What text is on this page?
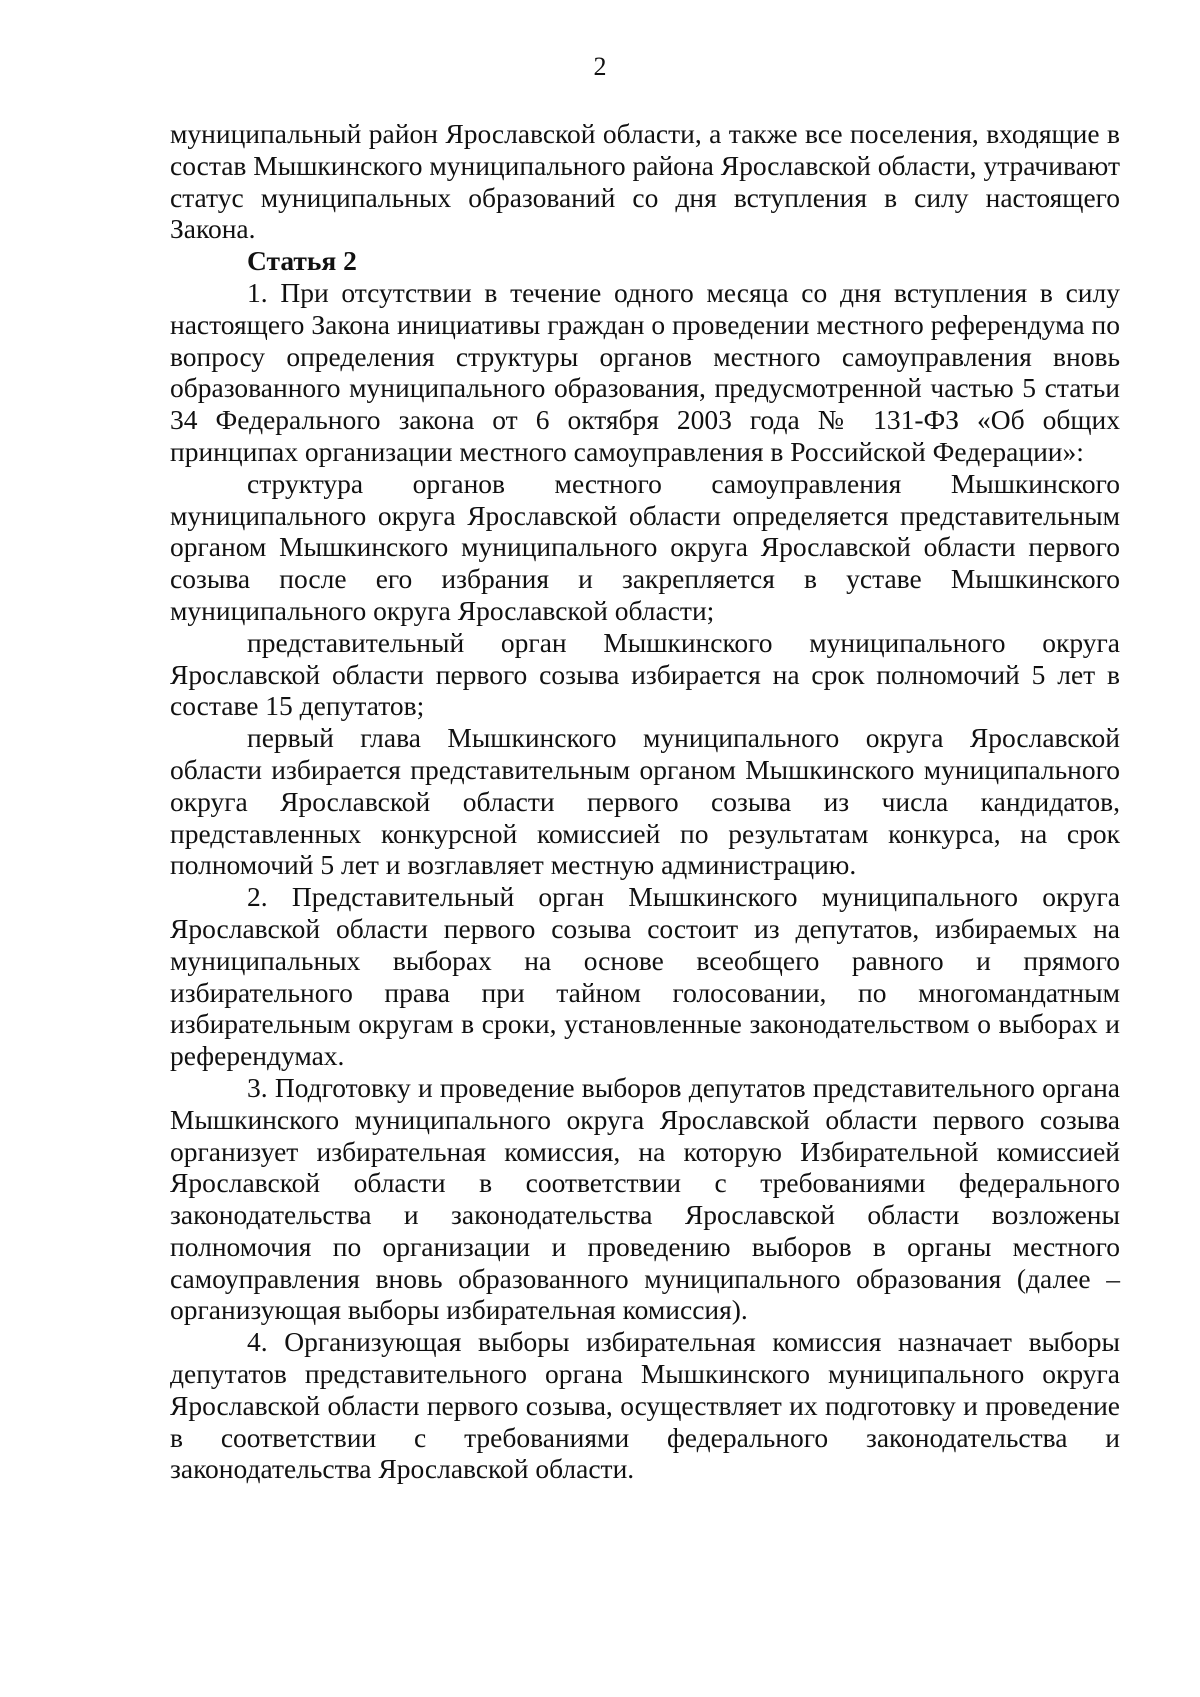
2

муниципальный район Ярославской области, а также все поселения, входящие в состав Мышкинского муниципального района Ярославской области, утрачивают статус муниципальных образований со дня вступления в силу настоящего Закона.

Статья 2

1. При отсутствии в течение одного месяца со дня вступления в силу настоящего Закона инициативы граждан о проведении местного референдума по вопросу определения структуры органов местного самоуправления вновь образованного муниципального образования, предусмотренной частью 5 статьи 34 Федерального закона от 6 октября 2003 года № 131-ФЗ «Об общих принципах организации местного самоуправления в Российской Федерации»:

структура органов местного самоуправления Мышкинского муниципального округа Ярославской области определяется представительным органом Мышкинского муниципального округа Ярославской области первого созыва после его избрания и закрепляется в уставе Мышкинского муниципального округа Ярославской области;

представительный орган Мышкинского муниципального округа Ярославской области первого созыва избирается на срок полномочий 5 лет в составе 15 депутатов;

первый глава Мышкинского муниципального округа Ярославской области избирается представительным органом Мышкинского муниципального округа Ярославской области первого созыва из числа кандидатов, представленных конкурсной комиссией по результатам конкурса, на срок полномочий 5 лет и возглавляет местную администрацию.

2. Представительный орган Мышкинского муниципального округа Ярославской области первого созыва состоит из депутатов, избираемых на муниципальных выборах на основе всеобщего равного и прямого избирательного права при тайном голосовании, по многомандатным избирательным округам в сроки, установленные законодательством о выборах и референдумах.

3. Подготовку и проведение выборов депутатов представительного органа Мышкинского муниципального округа Ярославской области первого созыва организует избирательная комиссия, на которую Избирательной комиссией Ярославской области в соответствии с требованиями федерального законодательства и законодательства Ярославской области возложены полномочия по организации и проведению выборов в органы местного самоуправления вновь образованного муниципального образования (далее – организующая выборы избирательная комиссия).

4. Организующая выборы избирательная комиссия назначает выборы депутатов представительного органа Мышкинского муниципального округа Ярославской области первого созыва, осуществляет их подготовку и проведение в соответствии с требованиями федерального законодательства и законодательства Ярославской области.
